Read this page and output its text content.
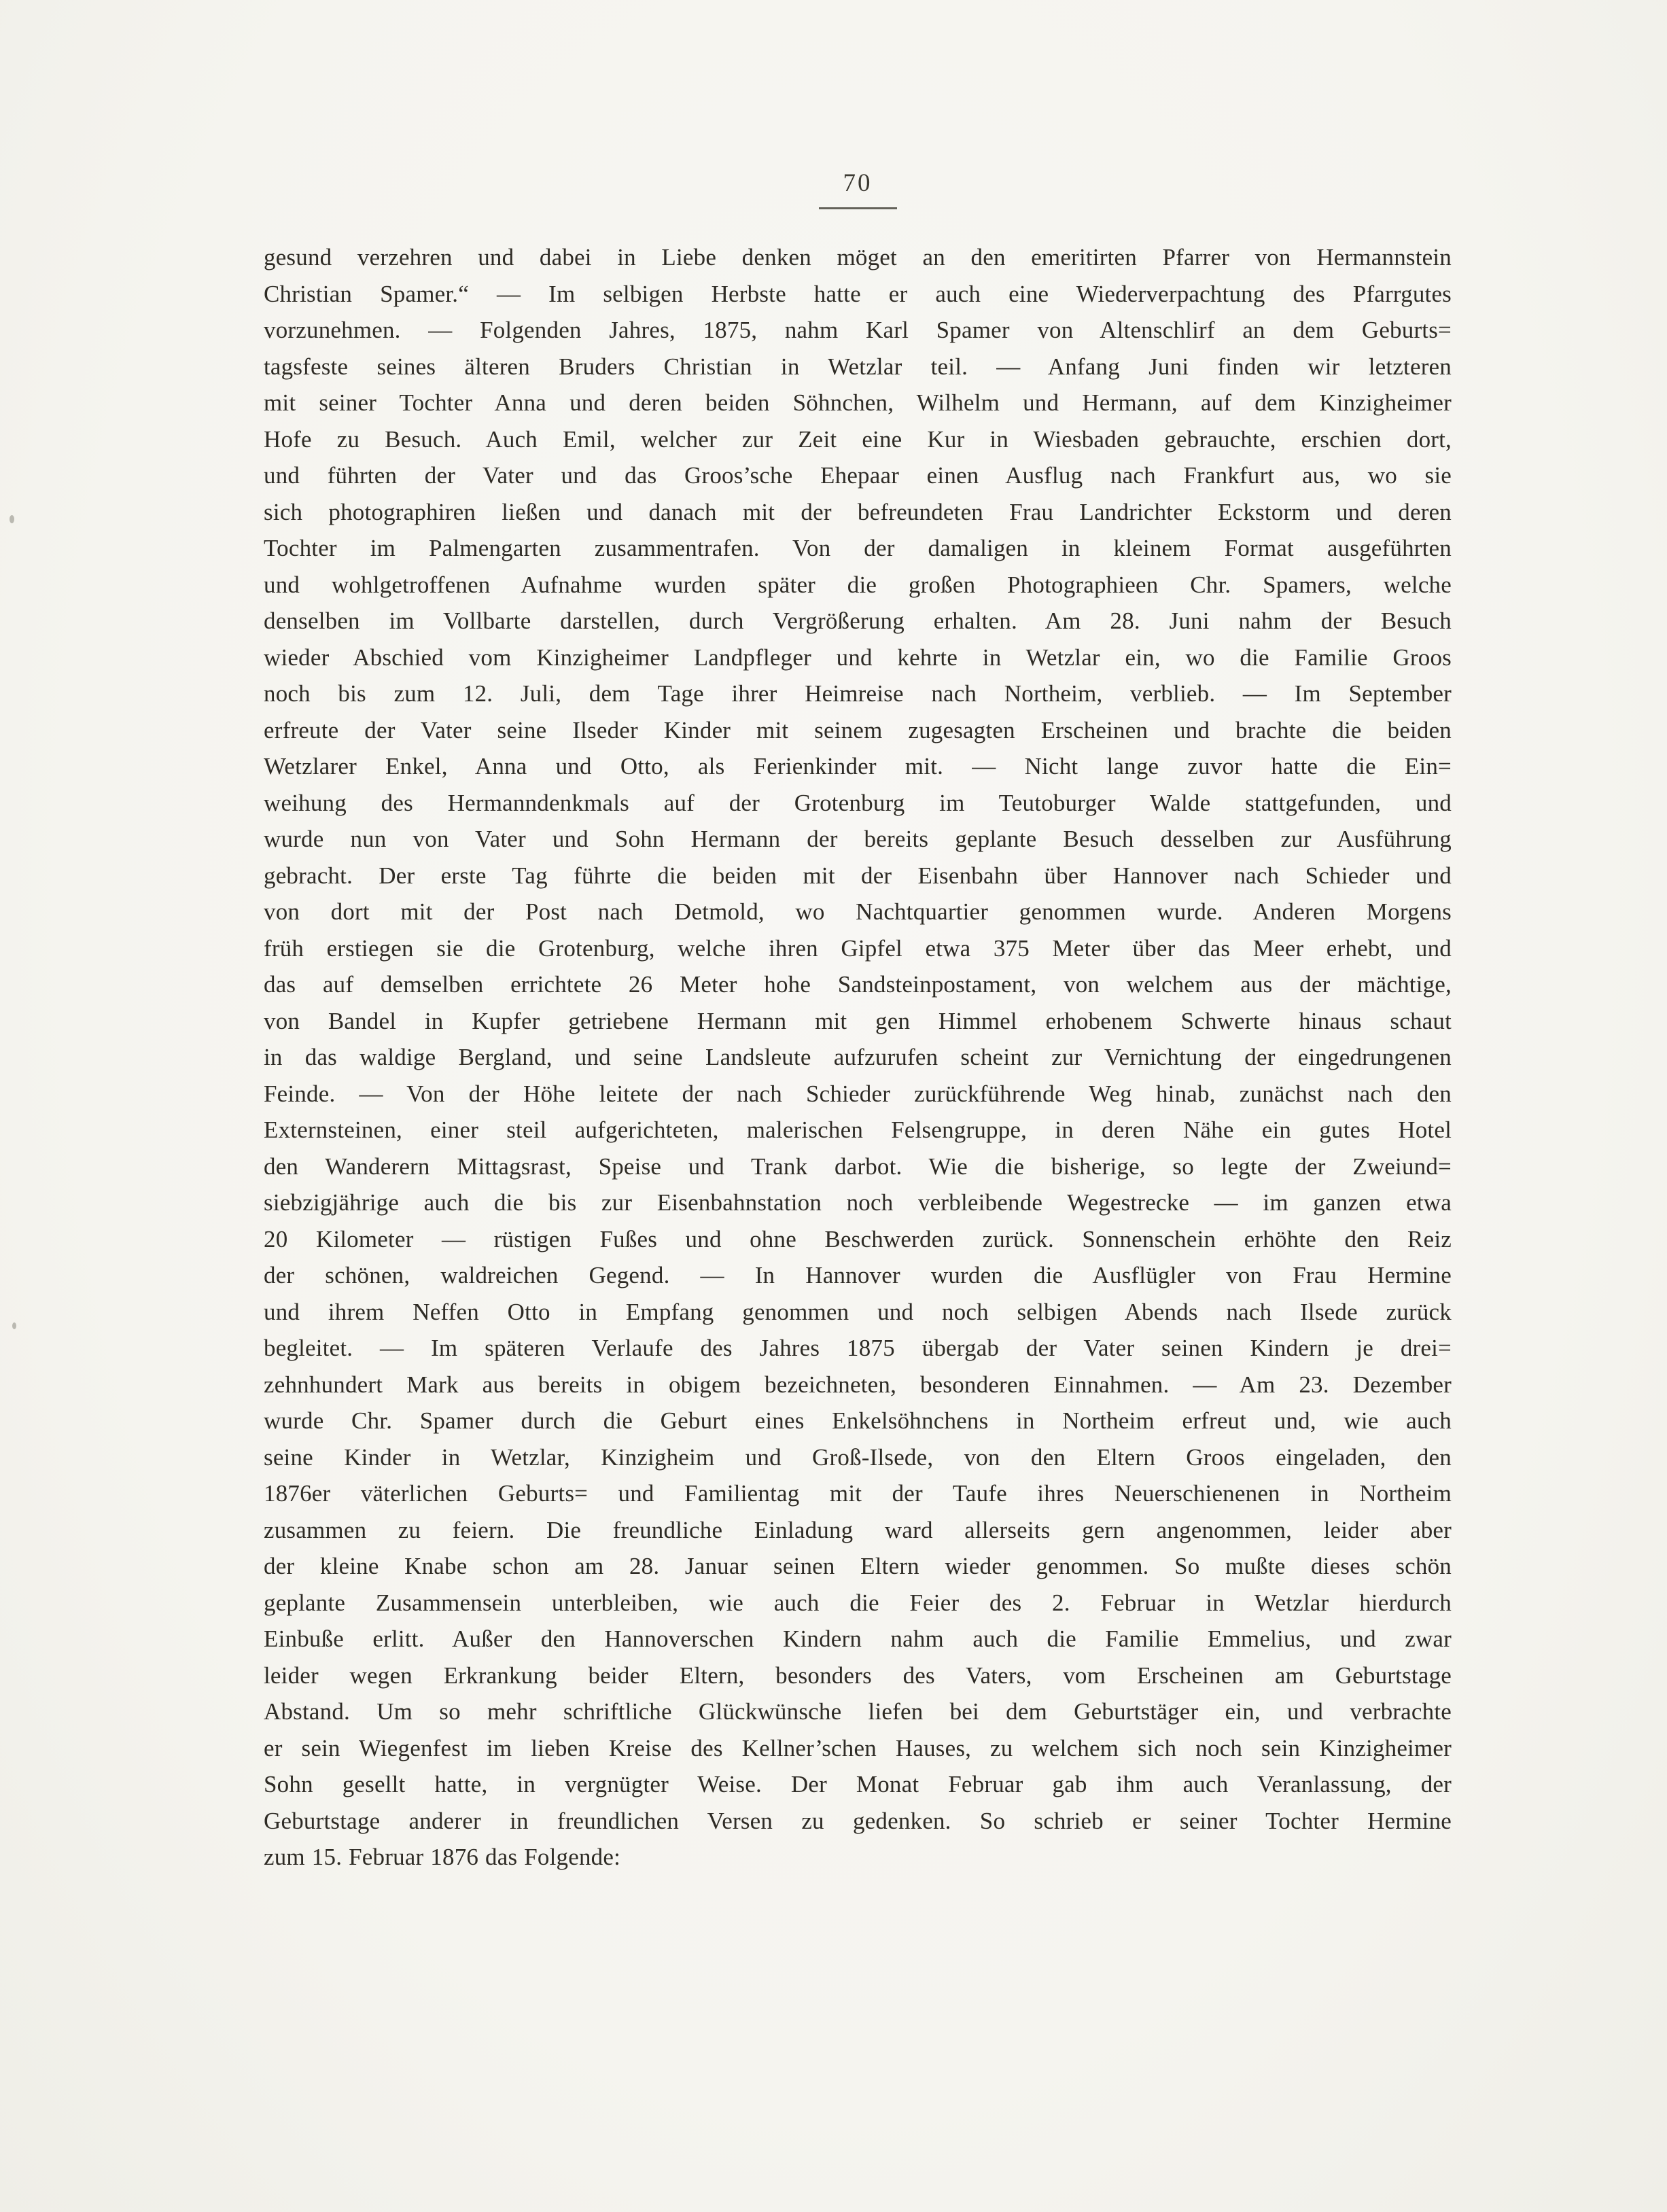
70
gesund verzehren und dabei in Liebe denken möget an den emeritirten Pfarrer von Hermannstein
Christian Spamer.“ — Im selbigen Herbste hatte er auch eine Wiederverpachtung des Pfarrgutes
vorzunehmen. — Folgenden Jahres, 1875, nahm Karl Spamer von Altenschlirf an dem Geburts=
tagsfeste seines älteren Bruders Christian in Wetzlar teil. — Anfang Juni finden wir letzteren
mit seiner Tochter Anna und deren beiden Söhnchen, Wilhelm und Hermann, auf dem Kinzigheimer
Hofe zu Besuch. Auch Emil, welcher zur Zeit eine Kur in Wiesbaden gebrauchte, erschien dort,
und führten der Vater und das Groos’sche Ehepaar einen Ausflug nach Frankfurt aus, wo sie
sich photographiren ließen und danach mit der befreundeten Frau Landrichter Eckstorm und deren
Tochter im Palmengarten zusammentrafen. Von der damaligen in kleinem Format ausgeführten
und wohlgetroffenen Aufnahme wurden später die großen Photographieen Chr. Spamers, welche
denselben im Vollbarte darstellen, durch Vergrößerung erhalten. Am 28. Juni nahm der Besuch
wieder Abschied vom Kinzigheimer Landpfleger und kehrte in Wetzlar ein, wo die Familie Groos
noch bis zum 12. Juli, dem Tage ihrer Heimreise nach Northeim, verblieb. — Im September
erfreute der Vater seine Ilseder Kinder mit seinem zugesagten Erscheinen und brachte die beiden
Wetzlarer Enkel, Anna und Otto, als Ferienkinder mit. — Nicht lange zuvor hatte die Ein=
weihung des Hermanndenkmals auf der Grotenburg im Teutoburger Walde stattgefunden, und
wurde nun von Vater und Sohn Hermann der bereits geplante Besuch desselben zur Ausführung
gebracht. Der erste Tag führte die beiden mit der Eisenbahn über Hannover nach Schieder und
von dort mit der Post nach Detmold, wo Nachtquartier genommen wurde. Anderen Morgens
früh erstiegen sie die Grotenburg, welche ihren Gipfel etwa 375 Meter über das Meer erhebt, und
das auf demselben errichtete 26 Meter hohe Sandsteinpostament, von welchem aus der mächtige,
von Bandel in Kupfer getriebene Hermann mit gen Himmel erhobenem Schwerte hinaus schaut
in das waldige Bergland, und seine Landsleute aufzurufen scheint zur Vernichtung der eingedrungenen
Feinde. — Von der Höhe leitete der nach Schieder zurückführende Weg hinab, zunächst nach den
Externsteinen, einer steil aufgerichteten, malerischen Felsengruppe, in deren Nähe ein gutes Hotel
den Wanderern Mittagsrast, Speise und Trank darbot. Wie die bisherige, so legte der Zweiund=
siebzigjährige auch die bis zur Eisenbahnstation noch verbleibende Wegestrecke — im ganzen etwa
20 Kilometer — rüstigen Fußes und ohne Beschwerden zurück. Sonnenschein erhöhte den Reiz
der schönen, waldreichen Gegend. — In Hannover wurden die Ausflügler von Frau Hermine
und ihrem Neffen Otto in Empfang genommen und noch selbigen Abends nach Ilsede zurück
begleitet. — Im späteren Verlaufe des Jahres 1875 übergab der Vater seinen Kindern je drei=
zehnhundert Mark aus bereits in obigem bezeichneten, besonderen Einnahmen. — Am 23. Dezember
wurde Chr. Spamer durch die Geburt eines Enkelsöhnchens in Northeim erfreut und, wie auch
seine Kinder in Wetzlar, Kinzigheim und Groß-Ilsede, von den Eltern Groos eingeladen, den
1876er väterlichen Geburts= und Familientag mit der Taufe ihres Neuerschienenen in Northeim
zusammen zu feiern. Die freundliche Einladung ward allerseits gern angenommen, leider aber
der kleine Knabe schon am 28. Januar seinen Eltern wieder genommen. So mußte dieses schön
geplante Zusammensein unterbleiben, wie auch die Feier des 2. Februar in Wetzlar hierdurch
Einbuße erlitt. Außer den Hannoverschen Kindern nahm auch die Familie Emmelius, und zwar
leider wegen Erkrankung beider Eltern, besonders des Vaters, vom Erscheinen am Geburtstage
Abstand. Um so mehr schriftliche Glückwünsche liefen bei dem Geburtstäger ein, und verbrachte
er sein Wiegenfest im lieben Kreise des Kellner’schen Hauses, zu welchem sich noch sein Kinzigheimer
Sohn gesellt hatte, in vergnügter Weise. Der Monat Februar gab ihm auch Veranlassung, der
Geburtstage anderer in freundlichen Versen zu gedenken. So schrieb er seiner Tochter Hermine
zum 15. Februar 1876 das Folgende:
